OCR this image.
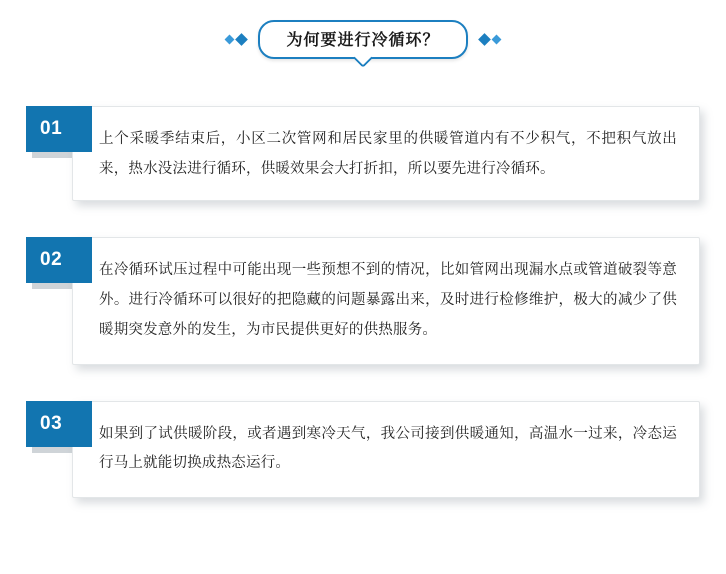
为何要进行冷循环？
01	上个采暖季结束后，小区二次管网和居民家里的供暖管道内有不少积气，不把积气放出来，热水没法进行循环，供暖效果会大打折扣，所以要先进行冷循环。
02	在冷循环试压过程中可能出现一些预想不到的情况，比如管网出现漏水点或管道破裂等意外。进行冷循环可以很好的把隐藏的问题暴露出来，及时进行检修维护，极大的减少了供暖期突发意外的发生，为市民提供更好的供热服务。
03	如果到了试供暖阶段，或者遇到寒冷天气，我公司接到供暖通知，高温水一过来，冷态运行马上就能切换成热态运行。
